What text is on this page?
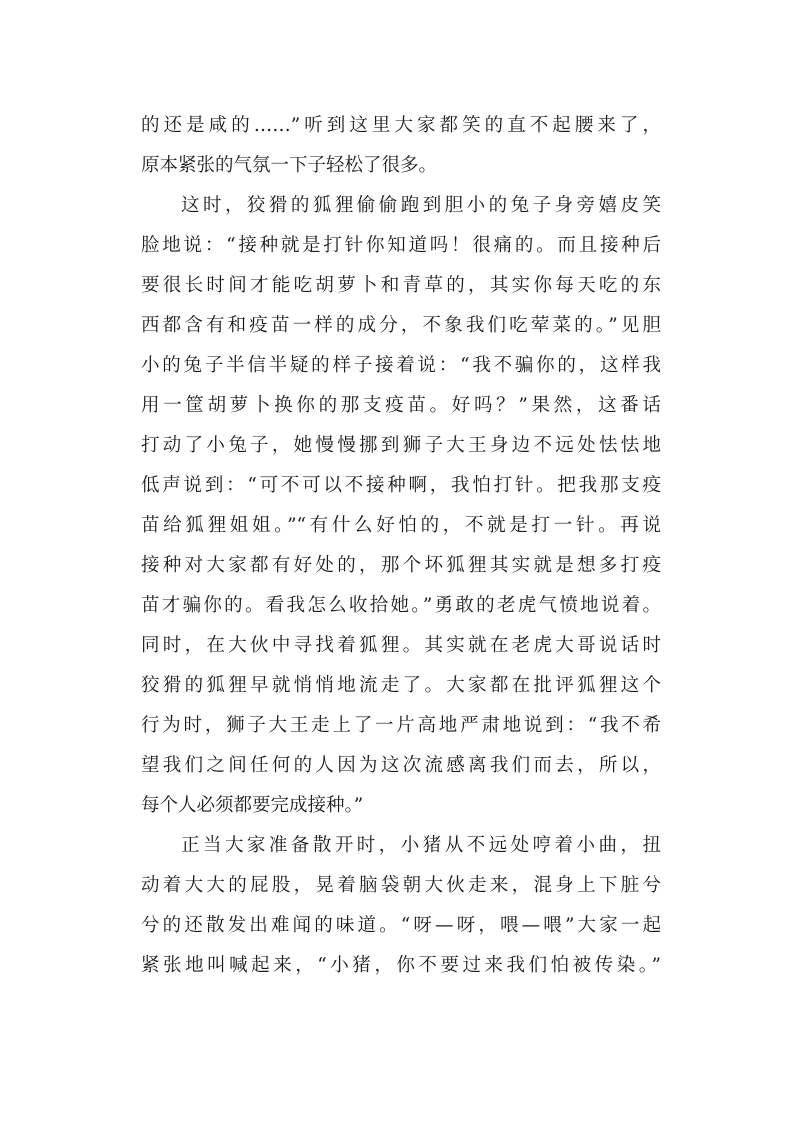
的还是咸的……”听到这里大家都笑的直不起腰来了，
原本紧张的气氛一下子轻松了很多。
这时，狡猾的狐狸偷偷跑到胆小的兔子身旁嬉皮笑
脸地说：“接种就是打针你知道吗！很痛的。而且接种后
要很长时间才能吃胡萝卜和青草的，其实你每天吃的东
西都含有和疫苗一样的成分，不象我们吃荤菜的。”见胆
小的兔子半信半疑的样子接着说：“我不骗你的，这样我
用一筐胡萝卜换你的那支疫苗。好吗？”果然，这番话
打动了小兔子，她慢慢挪到狮子大王身边不远处怯怯地
低声说到：“可不可以不接种啊，我怕打针。把我那支疫
苗给狐狸姐姐。”“有什么好怕的，不就是打一针。再说
接种对大家都有好处的，那个坏狐狸其实就是想多打疫
苗才骗你的。看我怎么收拾她。”勇敢的老虎气愤地说着。
同时，在大伙中寻找着狐狸。其实就在老虎大哥说话时
狡猾的狐狸早就悄悄地流走了。大家都在批评狐狸这个
行为时，狮子大王走上了一片高地严肃地说到：“我不希
望我们之间任何的人因为这次流感离我们而去，所以，
每个人必须都要完成接种。”
正当大家准备散开时，小猪从不远处哼着小曲，扭
动着大大的屁股，晃着脑袋朝大伙走来，混身上下脏兮
兮的还散发出难闻的味道。“呀—呀，喂—喂”大家一起
紧张地叫喊起来，“小猪，你不要过来我们怕被传染。”
